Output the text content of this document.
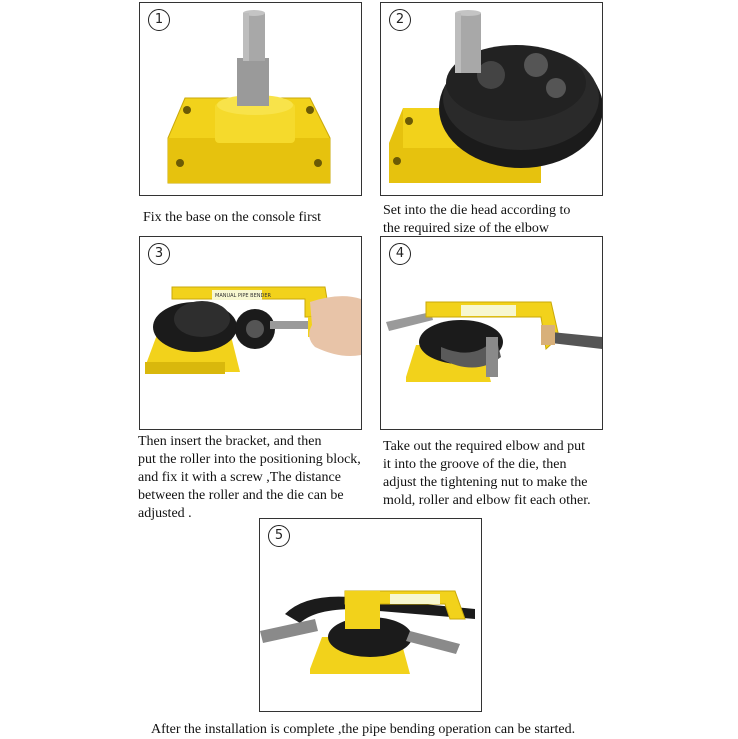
1	2
Fix the base on the console first	Set into the die head according to
the required size of the elbow
MANUAL PIPE BENDER
3	4
Then insert the bracket, and then
put the roller into the positioning block,
and fix it with a screw ,The distance
between the roller and the die can be
adjusted .
Take out the required elbow and put
it into the groove of the die, then
adjust the tightening nut to make the
mold, roller and elbow fit each other.
5
After the installation is complete ,the pipe bending operation can be started.
